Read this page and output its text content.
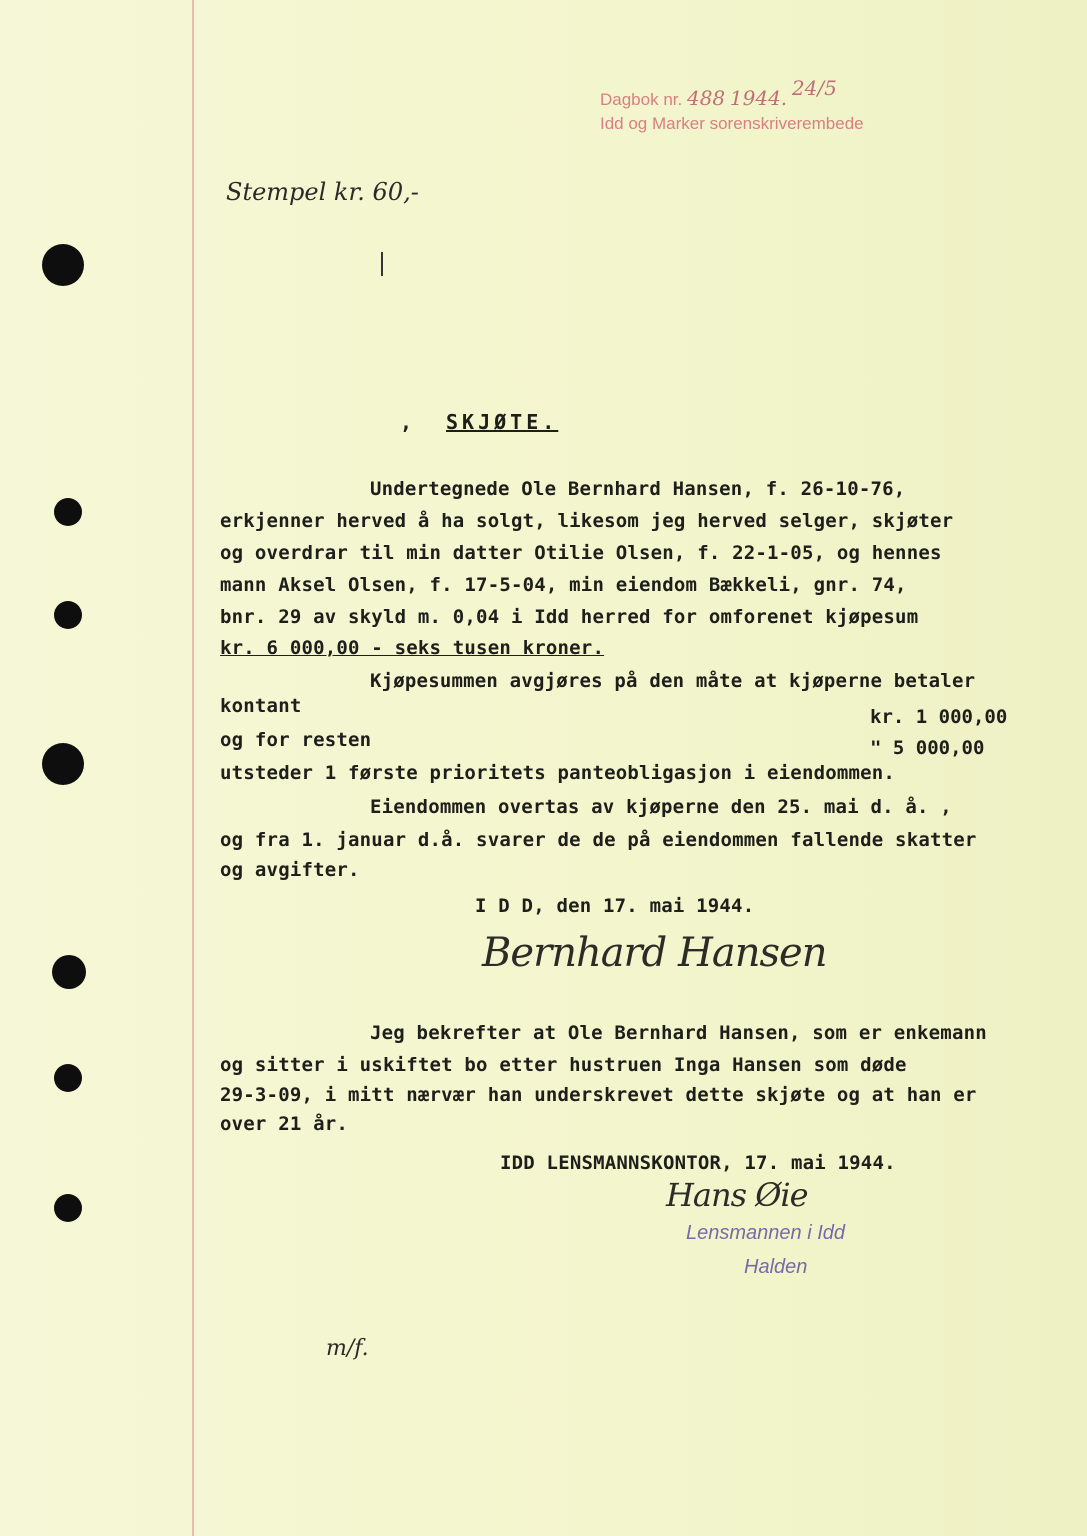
Dagbok nr. 488 1944. 24/5
Idd og Marker sorenskriverembede
Stempel kr. 60,-
, SKJØTE.
Undertegnede Ole Bernhard Hansen, f. 26-10-76,
erkjenner herved å ha solgt, likesom jeg herved selger, skjøter
og overdrar til min datter Otilie Olsen, f. 22-1-05, og hennes
mann Aksel Olsen, f. 17-5-04, min eiendom Bækkeli, gnr. 74,
bnr. 29 av skyld m. 0,04 i Idd herred for omforenet kjøpesum
kr. 6 000,00 - seks tusen kroner.
Kjøpesummen avgjøres på den måte at kjøperne betaler
kontant	kr. 1 000,00
og for resten	" 5 000,00
utsteder 1 første prioritets panteobligasjon i eiendommen.
Eiendommen overtas av kjøperne den 25. mai d. å. ,
og fra 1. januar d.å. svarer de de på eiendommen fallende skatter
og avgifter.
I D D, den 17. mai 1944.
Bernhard Hansen
Jeg bekrefter at Ole Bernhard Hansen, som er enkemann
og sitter i uskiftet bo etter hustruen Inga Hansen som døde
29-3-09, i mitt nærvær han underskrevet dette skjøte og at han er
over 21 år.
IDD LENSMANNSKONTOR, 17. mai 1944.
Hans Øie
Lensmannen i Idd
Halden
m/f.
